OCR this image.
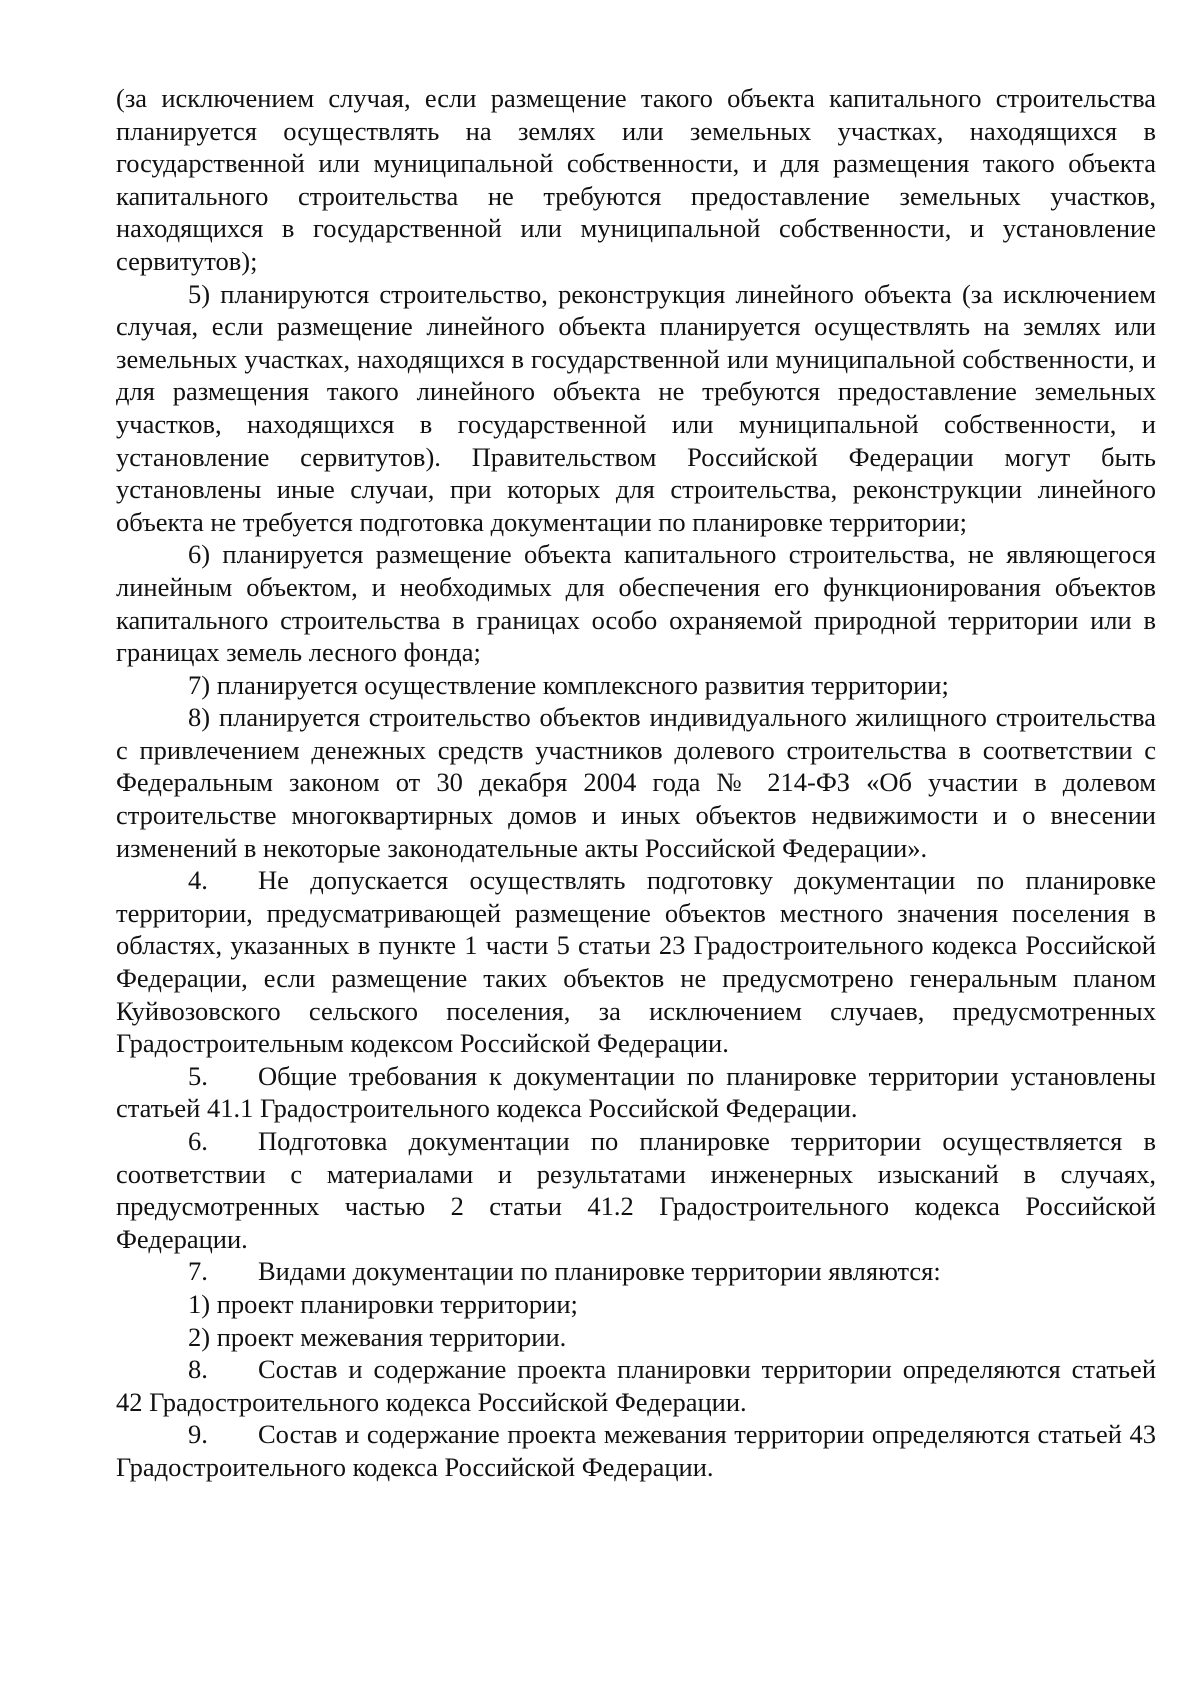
(за исключением случая, если размещение такого объекта капитального строительства планируется осуществлять на землях или земельных участках, находящихся в государственной или муниципальной собственности, и для размещения такого объекта капитального строительства не требуются предоставление земельных участков, находящихся в государственной или муниципальной собственности, и установление сервитутов);

5) планируются строительство, реконструкция линейного объекта (за исключением случая, если размещение линейного объекта планируется осуществлять на землях или земельных участках, находящихся в государственной или муниципальной собственности, и для размещения такого линейного объекта не требуются предоставление земельных участков, находящихся в государственной или муниципальной собственности, и установление сервитутов). Правительством Российской Федерации могут быть установлены иные случаи, при которых для строительства, реконструкции линейного объекта не требуется подготовка документации по планировке территории;

6) планируется размещение объекта капитального строительства, не являющегося линейным объектом, и необходимых для обеспечения его функционирования объектов капитального строительства в границах особо охраняемой природной территории или в границах земель лесного фонда;

7) планируется осуществление комплексного развития территории;

8) планируется строительство объектов индивидуального жилищного строительства с привлечением денежных средств участников долевого строительства в соответствии с Федеральным законом от 30 декабря 2004 года № 214-ФЗ «Об участии в долевом строительстве многоквартирных домов и иных объектов недвижимости и о внесении изменений в некоторые законодательные акты Российской Федерации».

4. Не допускается осуществлять подготовку документации по планировке территории, предусматривающей размещение объектов местного значения поселения в областях, указанных в пункте 1 части 5 статьи 23 Градостроительного кодекса Российской Федерации, если размещение таких объектов не предусмотрено генеральным планом Куйвозовского сельского поселения, за исключением случаев, предусмотренных Градостроительным кодексом Российской Федерации.

5. Общие требования к документации по планировке территории установлены статьей 41.1 Градостроительного кодекса Российской Федерации.

6. Подготовка документации по планировке территории осуществляется в соответствии с материалами и результатами инженерных изысканий в случаях, предусмотренных частью 2 статьи 41.2 Градостроительного кодекса Российской Федерации.

7. Видами документации по планировке территории являются:

1) проект планировки территории;

2) проект межевания территории.

8. Состав и содержание проекта планировки территории определяются статьей 42 Градостроительного кодекса Российской Федерации.

9. Состав и содержание проекта межевания территории определяются статьей 43 Градостроительного кодекса Российской Федерации.
